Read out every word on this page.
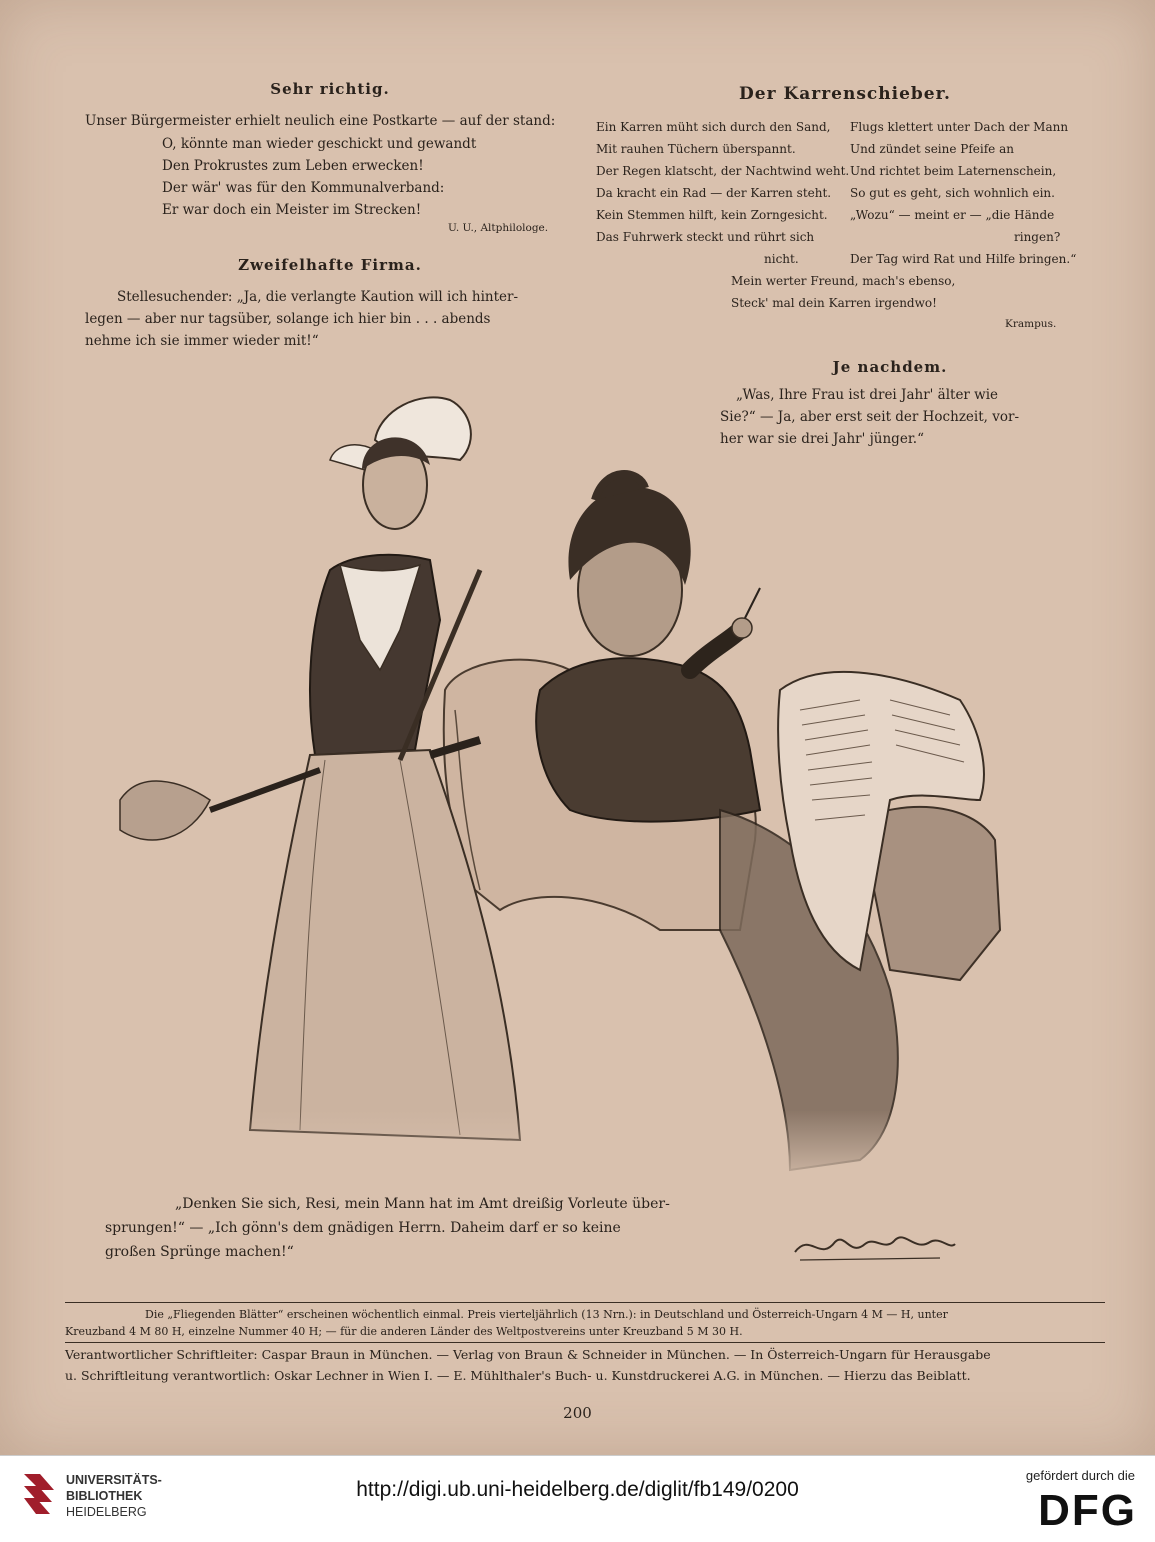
Sehr richtig.
Unser Bürgermeister erhielt neulich eine Postkarte — auf der stand:
O, könnte man wieder geschickt und gewandt
Den Prokrustes zum Leben erwecken!
Der wär' was für den Kommunalverband:
Er war doch ein Meister im Strecken!
U. U., Altphilologe.
Zweifelhafte Firma.
Stellesuchender: „Ja, die verlangte Kaution will ich hinter-
legen — aber nur tagsüber, solange ich hier bin . . . abends
nehme ich sie immer wieder mit!“
Der Karrenschieber.
Ein Karren müht sich durch den Sand,
Mit rauhen Tüchern überspannt.
Der Regen klatscht, der Nachtwind weht.
Da kracht ein Rad — der Karren steht.
Kein Stemmen hilft, kein Zorngesicht.
Das Fuhrwerk steckt und rührt sich
nicht.
Flugs klettert unter Dach der Mann
Und zündet seine Pfeife an
Und richtet beim Laternenschein,
So gut es geht, sich wohnlich ein.
„Wozu“ — meint er — „die Hände
ringen?
Der Tag wird Rat und Hilfe bringen.“
Mein werter Freund, mach's ebenso,
Steck' mal dein Karren irgendwo!
Krampus.
Je nachdem.
„Was, Ihre Frau ist drei Jahr' älter wie
Sie?“ — Ja, aber erst seit der Hochzeit, vor-
her war sie drei Jahr' jünger.“
„Denken Sie sich, Resi, mein Mann hat im Amt dreißig Vorleute über-
sprungen!“ — „Ich gönn's dem gnädigen Herrn. Daheim darf er so keine
großen Sprünge machen!“
Die „Fliegenden Blätter“ erscheinen wöchentlich einmal. Preis vierteljährlich (13 Nrn.): in Deutschland und Österreich-Ungarn 4 M — H, unter
Kreuzband 4 M 80 H, einzelne Nummer 40 H; — für die anderen Länder des Weltpostvereins unter Kreuzband 5 M 30 H.
Verantwortlicher Schriftleiter: Caspar Braun in München. — Verlag von Braun & Schneider in München. — In Österreich-Ungarn für Herausgabe
u. Schriftleitung verantwortlich: Oskar Lechner in Wien I. — E. Mühlthaler's Buch- u. Kunstdruckerei A.G. in München. — Hierzu das Beiblatt.
200
UNIVERSITÄTS-
BIBLIOTHEK
HEIDELBERG
http://digi.ub.uni-heidelberg.de/diglit/fb149/0200
gefördert durch die
DFG
